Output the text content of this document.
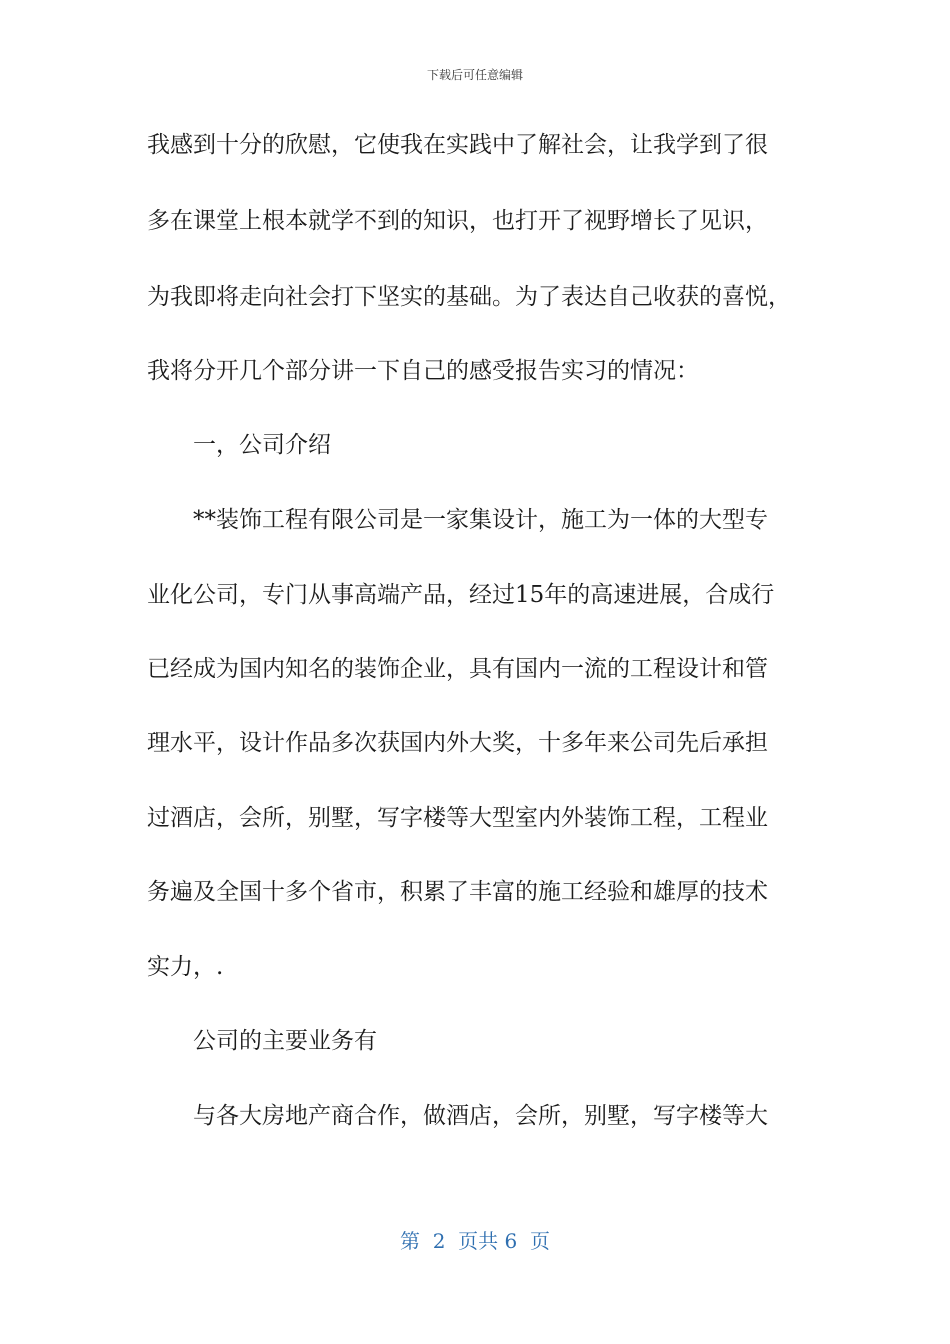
下载后可任意编辑
我感到十分的欣慰，它使我在实践中了解社会，让我学到了很
多在课堂上根本就学不到的知识，也打开了视野增长了见识，
为我即将走向社会打下坚实的基础。为了表达自己收获的喜悦，
我将分开几个部分讲一下自己的感受报告实习的情况：
一，公司介绍
**装饰工程有限公司是一家集设计，施工为一体的大型专
业化公司，专门从事高端产品，经过15年的高速进展，合成行
已经成为国内知名的装饰企业，具有国内一流的工程设计和管
理水平，设计作品多次获国内外大奖，十多年来公司先后承担
过酒店，会所，别墅，写字楼等大型室内外装饰工程，工程业
务遍及全国十多个省市，积累了丰富的施工经验和雄厚的技术
实力，.
公司的主要业务有
与各大房地产商合作，做酒店，会所，别墅，写字楼等大
第  2  页共 6  页
